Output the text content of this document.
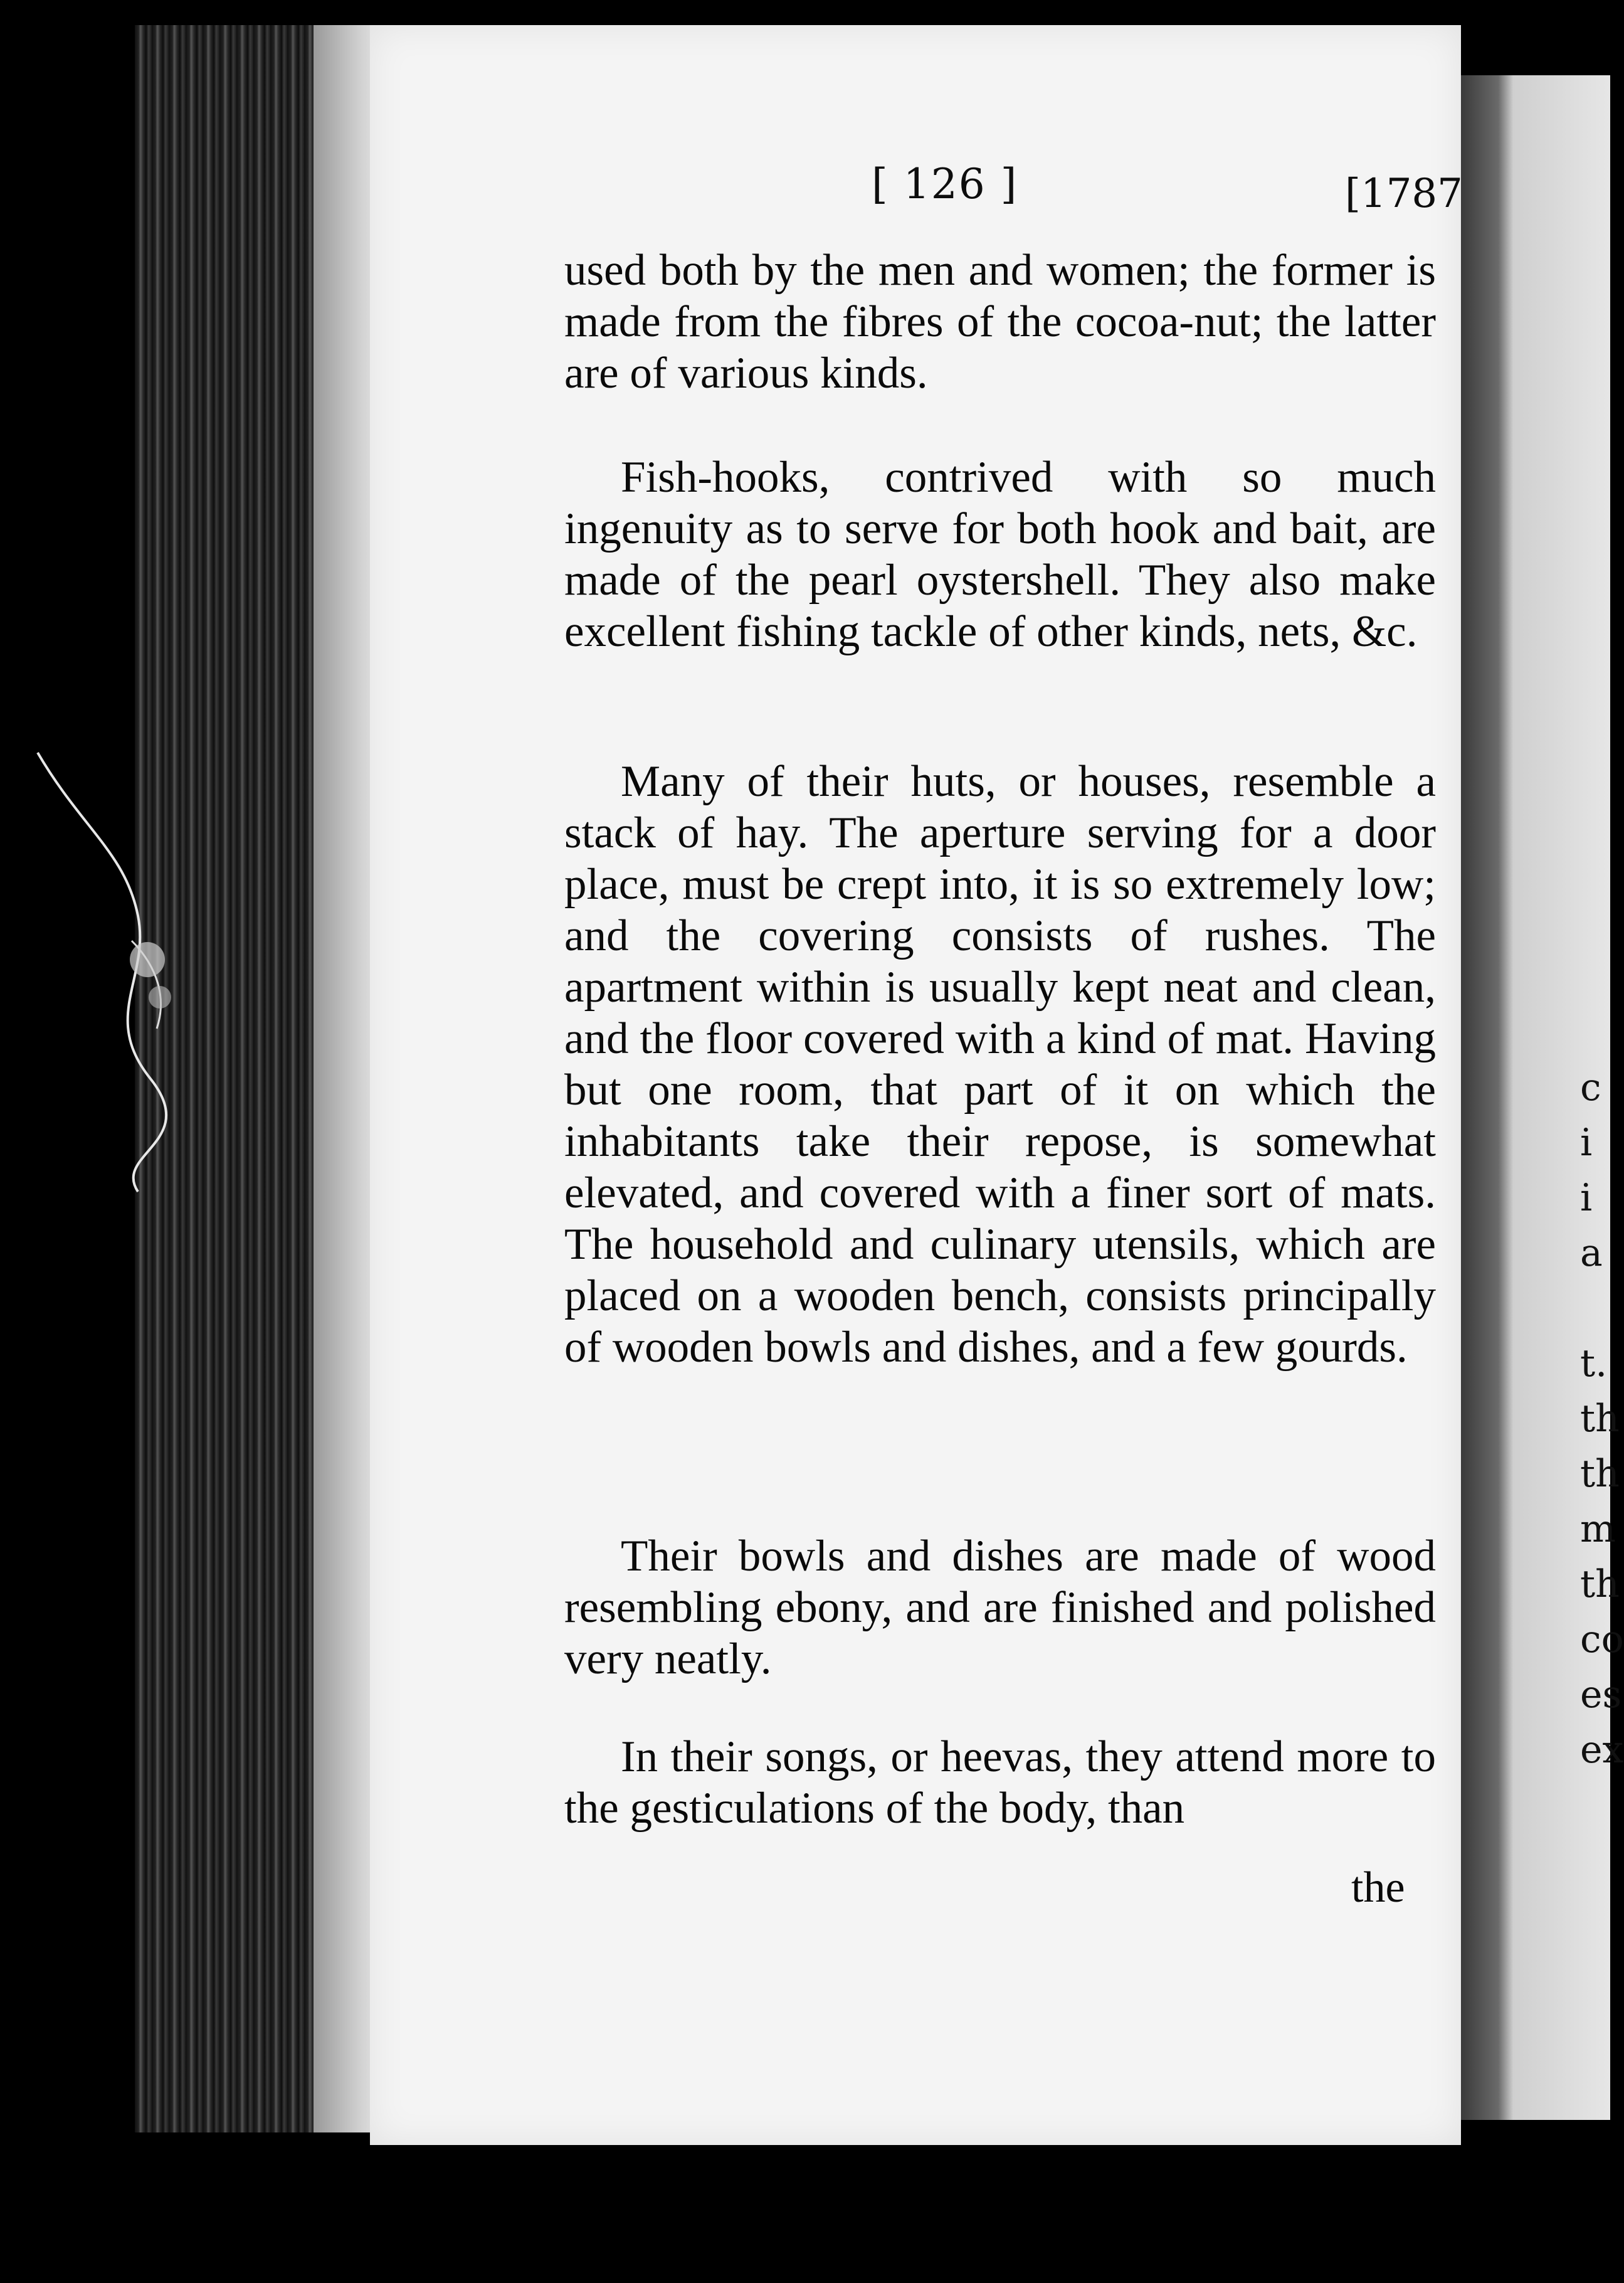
[ 126 ]	[1787

used both by the men and women; the former is made from the fibres of the cocoa-nut; the latter are of various kinds.

Fish-hooks, contrived with so much ingenuity as to serve for both hook and bait, are made of the pearl oystershell. They also make excellent fishing tackle of other kinds, nets, &c.

Many of their huts, or houses, resemble a stack of hay. The aperture serving for a door place, must be crept into, it is so extremely low; and the covering consists of rushes. The apartment within is usually kept neat and clean, and the floor covered with a kind of mat. Having but one room, that part of it on which the inhabitants take their repose, is somewhat elevated, and covered with a finer sort of mats. The household and culinary utensils, which are placed on a wooden bench, consists principally of wooden bowls and dishes, and a few gourds.

Their bowls and dishes are made of wood resembling ebony, and are finished and polished very neatly.

In their songs, or heevas, they attend more to the gesticulations of the body, than

the
c
i
i
a
t.
th
th
m
th
co
es
ex
